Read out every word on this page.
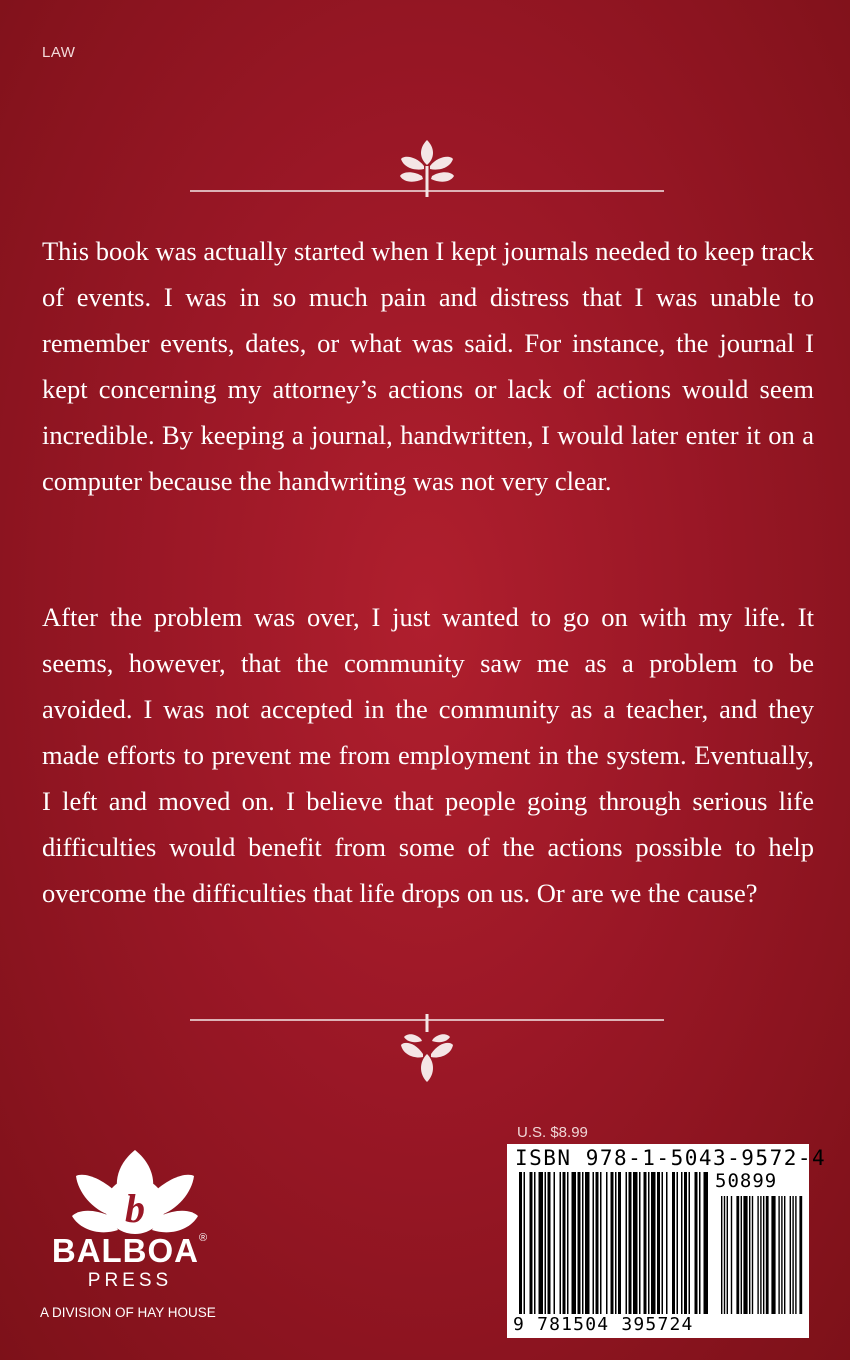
LAW

This book was actually started when I kept journals needed to keep track of events. I was in so much pain and distress that I was unable to remember events, dates, or what was said. For instance, the journal I kept concerning my attorney’s actions or lack of actions would seem incredible. By keeping a journal, handwritten, I would later enter it on a computer because the handwriting was not very clear.

After the problem was over, I just wanted to go on with my life. It seems, however, that the community saw me as a problem to be avoided. I was not accepted in the community as a teacher, and they made efforts to prevent me from employment in the system. Eventually, I left and moved on. I believe that people going through serious life difficulties would benefit from some of the actions possible to help overcome the difficulties that life drops on us. Or are we the cause?

b
BALBOA®
PRESS
A DIVISION OF HAY HOUSE
U.S. $8.99
ISBN 978-1-5043-9572-4
50899
9 781504 395724
